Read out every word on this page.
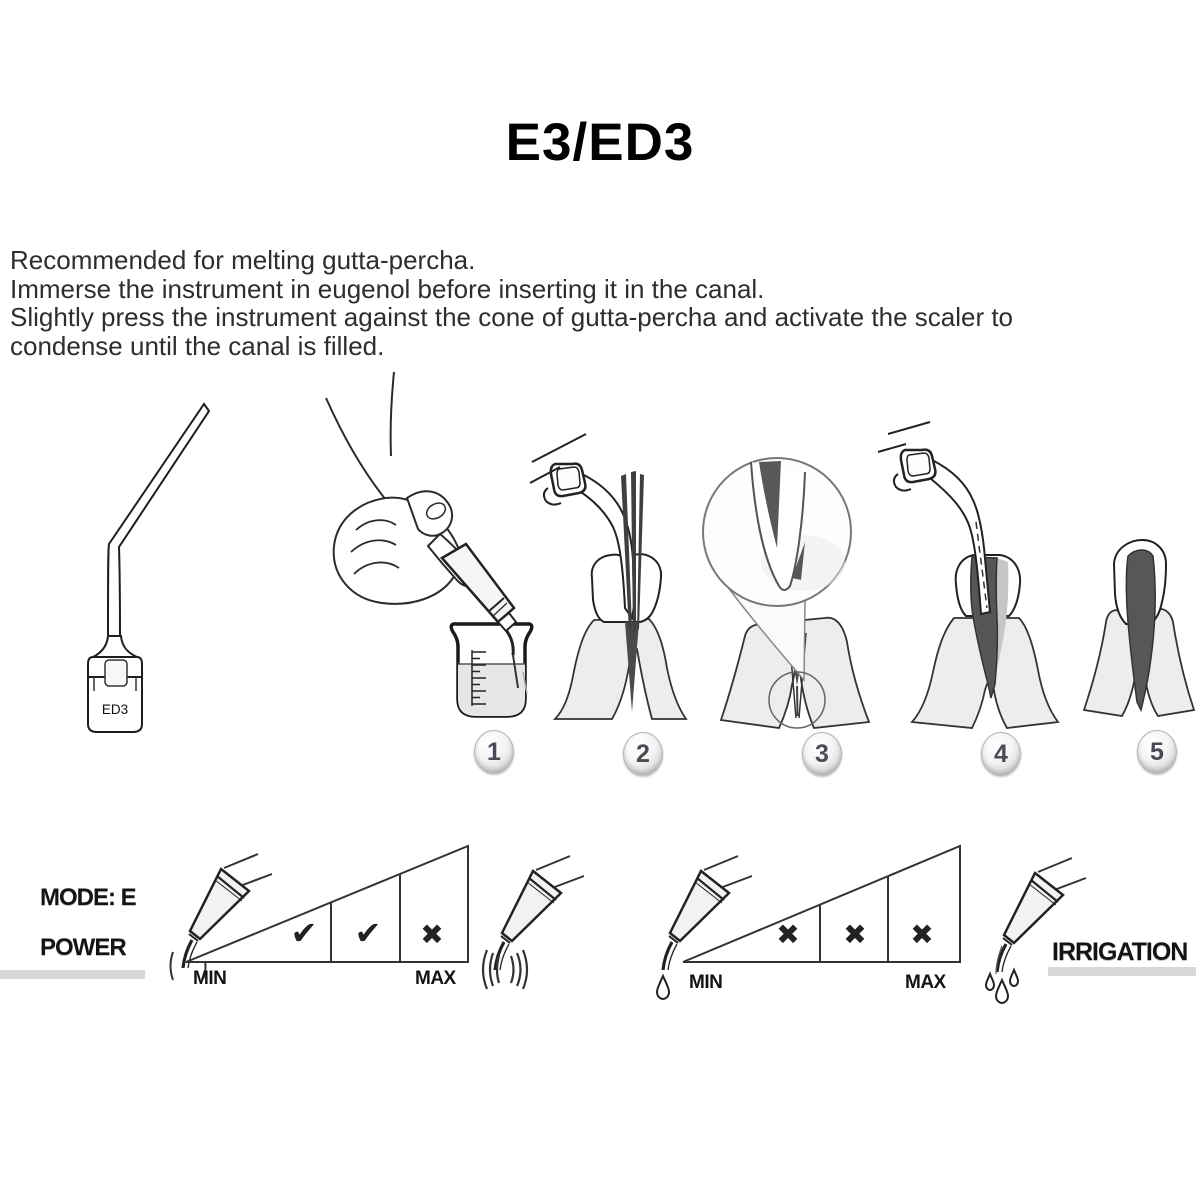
E3/ED3
Recommended for melting gutta-percha.
Immerse the instrument in eugenol before inserting it in the canal.
Slightly press the instrument against the cone of gutta-percha and activate the scaler to
condense until the canal is filled.
ED3
1	2	3	4	5
MODE: E
POWER	✔ ✔ ✖
MIN	MAX
✖ ✖ ✖
MIN	MAX
IRRIGATION
